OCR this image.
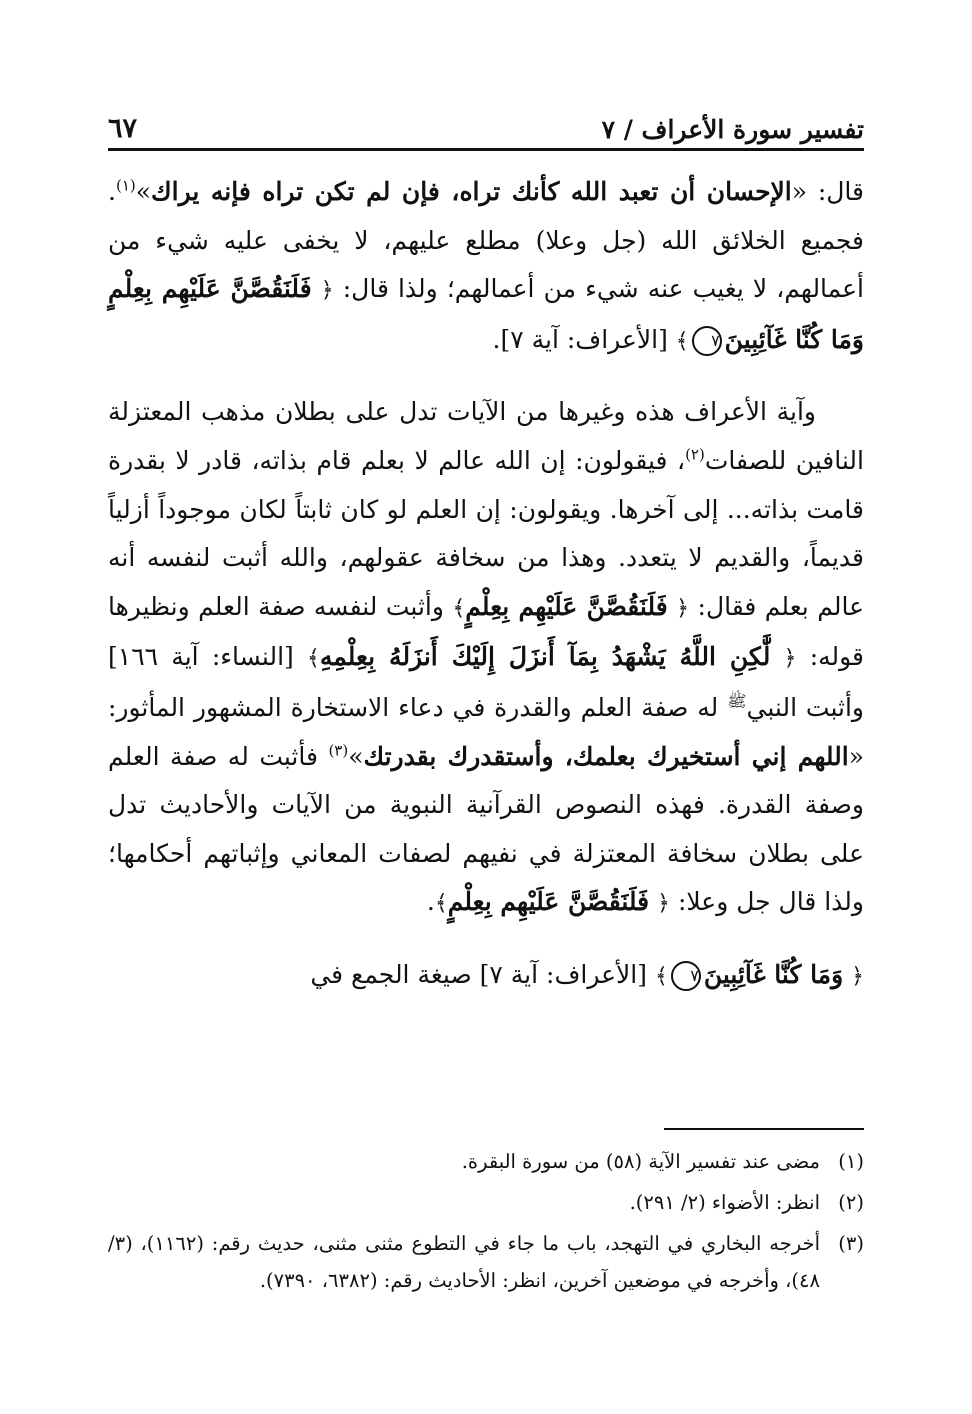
تفسير سورة الأعراف / ٧
٦٧

قال: «الإحسان أن تعبد الله كأنك تراه، فإن لم تكن تراه فإنه يراك»$^{(١)}$. فجميع الخلائق الله (جل وعلا) مطلع عليهم، لا يخفى عليه شيء من أعمالهم، لا يغيب عنه شيء من أعمالهم؛ ولذا قال: ﴿ فَلَنَقُصَّنَّ عَلَيْهِم بِعِلْمٍ وَمَا كُنَّا غَآئِبِينَ٧﴾ [الأعراف: آية ٧].

وآية الأعراف هذه وغيرها من الآيات تدل على بطلان مذهب المعتزلة النافين للصفات$^{(٢)}$، فيقولون: إن الله عالم لا بعلم قام بذاته، قادر لا بقدرة قامت بذاته... إلى آخرها. ويقولون: إن العلم لو كان ثابتاً لكان موجوداً أزلياً قديماً، والقديم لا يتعدد. وهذا من سخافة عقولهم، والله أثبت لنفسه أنه عالم بعلم فقال: ﴿ فَلَنَقُصَّنَّ عَلَيْهِم بِعِلْمٍ﴾ وأثبت لنفسه صفة العلم ونظيرها قوله: ﴿ لَّٰكِنِ اللَّهُ يَشْهَدُ بِمَآ أَنزَلَ إِلَيْكَ أَنزَلَهُ بِعِلْمِهِ﴾ [النساء: آية ١٦٦] وأثبت النبي$^ﷺ$ له صفة العلم والقدرة في دعاء الاستخارة المشهور المأثور: «اللهم إني أستخيرك بعلمك، وأستقدرك بقدرتك»$^{(٣)}$ فأثبت له صفة العلم وصفة القدرة. فهذه النصوص القرآنية النبوية من الآيات والأحاديث تدل على بطلان سخافة المعتزلة في نفيهم لصفات المعاني وإثباتهم أحكامها؛ ولذا قال جل وعلا: ﴿ فَلَنَقُصَّنَّ عَلَيْهِم بِعِلْمٍ﴾.

﴿ وَمَا كُنَّا غَآئِبِينَ٧﴾ [الأعراف: آية ٧] صيغة الجمع في

(١)مضى عند تفسير الآية (٥٨) من سورة البقرة.

(٢)انظر: الأضواء (٢/ ٢٩١).

(٣)أخرجه البخاري في التهجد، باب ما جاء في التطوع مثنى مثنى، حديث رقم: (١١٦٢)، (٣/ ٤٨)، وأخرجه في موضعين آخرين، انظر: الأحاديث رقم: (٦٣٨٢، ٧٣٩٠).
